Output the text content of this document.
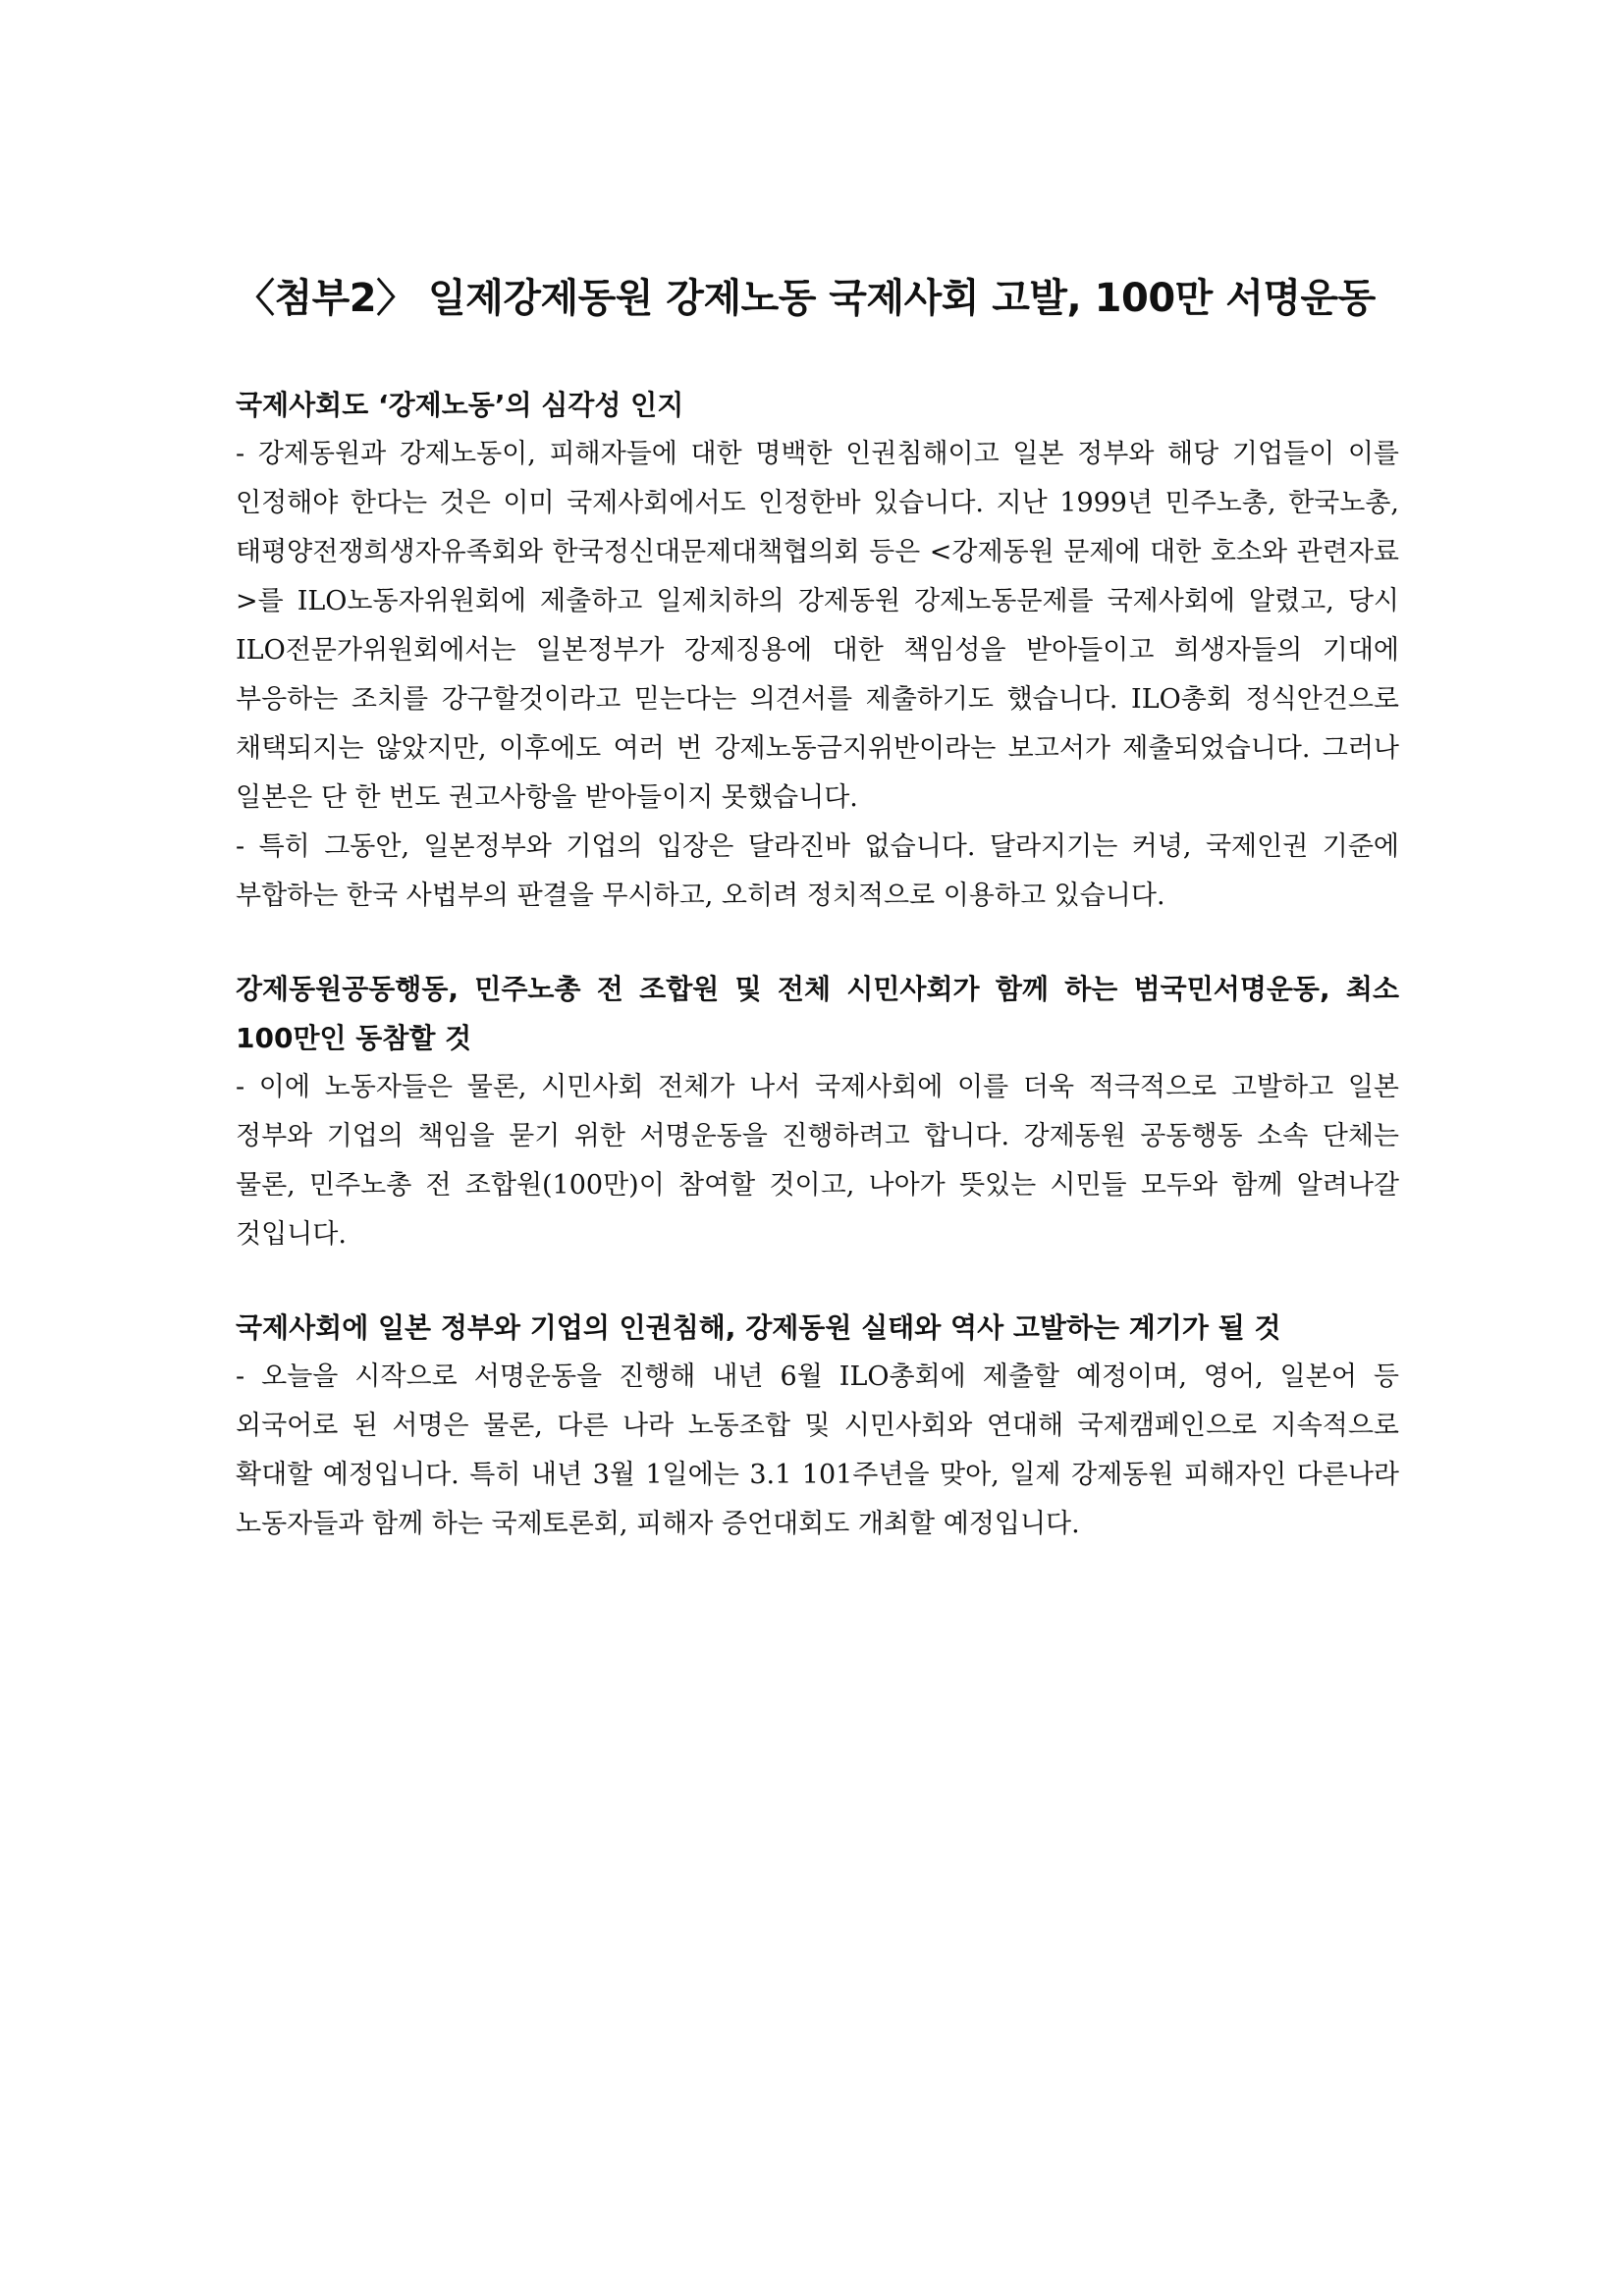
〈첨부2〉 일제강제동원 강제노동 국제사회 고발, 100만 서명운동
국제사회도 ‘강제노동’의 심각성 인지

- 강제동원과 강제노동이, 피해자들에 대한 명백한 인권침해이고 일본 정부와 해당 기업들이 이를 인정해야 한다는 것은 이미 국제사회에서도 인정한바 있습니다. 지난 1999년 민주노총, 한국노총, 태평양전쟁희생자유족회와 한국정신대문제대책협의회 등은 <강제동원 문제에 대한 호소와 관련자료>를 ILO노동자위원회에 제출하고 일제치하의 강제동원 강제노동문제를 국제사회에 알렸고, 당시 ILO전문가위원회에서는 일본정부가 강제징용에 대한 책임성을 받아들이고 희생자들의 기대에 부응하는 조치를 강구할것이라고 믿는다는 의견서를 제출하기도 했습니다. ILO총회 정식안건으로 채택되지는 않았지만, 이후에도 여러 번 강제노동금지위반이라는 보고서가 제출되었습니다. 그러나 일본은 단 한 번도 권고사항을 받아들이지 못했습니다.

- 특히 그동안, 일본정부와 기업의 입장은 달라진바 없습니다. 달라지기는 커녕, 국제인권 기준에 부합하는 한국 사법부의 판결을 무시하고, 오히려 정치적으로 이용하고 있습니다.

강제동원공동행동, 민주노총 전 조합원 및 전체 시민사회가 함께 하는 범국민서명운동, 최소 100만인 동참할 것

- 이에 노동자들은 물론, 시민사회 전체가 나서 국제사회에 이를 더욱 적극적으로 고발하고 일본 정부와 기업의 책임을 묻기 위한 서명운동을 진행하려고 합니다. 강제동원 공동행동 소속 단체는 물론, 민주노총 전 조합원(100만)이 참여할 것이고, 나아가 뜻있는 시민들 모두와 함께 알려나갈 것입니다.

국제사회에 일본 정부와 기업의 인권침해, 강제동원 실태와 역사 고발하는 계기가 될 것

- 오늘을 시작으로 서명운동을 진행해 내년 6월 ILO총회에 제출할 예정이며, 영어, 일본어 등 외국어로 된 서명은 물론, 다른 나라 노동조합 및 시민사회와 연대해 국제캠페인으로 지속적으로 확대할 예정입니다. 특히 내년 3월 1일에는 3.1 101주년을 맞아, 일제 강제동원 피해자인 다른나라 노동자들과 함께 하는 국제토론회, 피해자 증언대회도 개최할 예정입니다.
